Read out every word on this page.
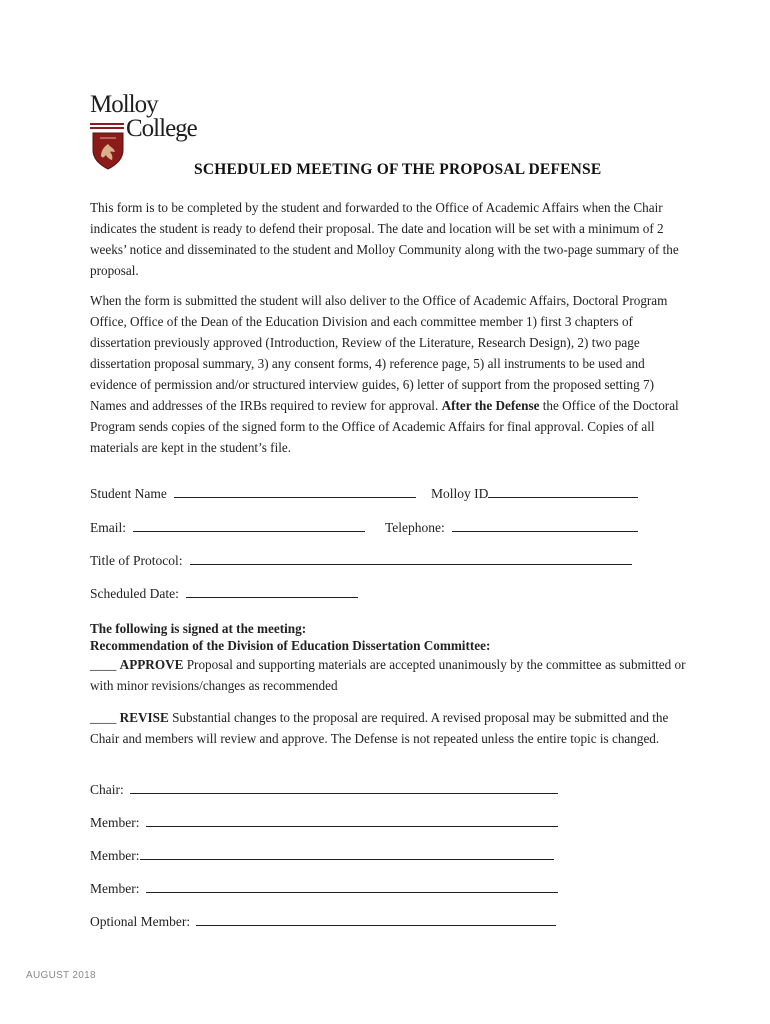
Molloy
College
SCHEDULED MEETING OF THE PROPOSAL DEFENSE

This form is to be completed by the student and forwarded to the Office of Academic Affairs when the Chair indicates the student is ready to defend their proposal. The date and location will be set with a minimum of 2 weeks’ notice and disseminated to the student and Molloy Community along with the two-page summary of the proposal.

When the form is submitted the student will also deliver to the Office of Academic Affairs, Doctoral Program Office, Office of the Dean of the Education Division and each committee member 1) first 3 chapters of dissertation previously approved (Introduction, Review of the Literature, Research Design), 2) two page dissertation proposal summary, 3) any consent forms, 4) reference page, 5) all instruments to be used and evidence of permission and/or structured interview guides, 6) letter of support from the proposed setting 7) Names and addresses of the IRBs required to review for approval. After the Defense the Office of the Doctoral Program sends copies of the signed form to the Office of Academic Affairs for final approval. Copies of all materials are kept in the student’s file.

Student Name	Molloy ID
Email:	Telephone:
Title of Protocol:
Scheduled Date:
The following is signed at the meeting:
Recommendation of the Division of Education Dissertation Committee:

____ APPROVE Proposal and supporting materials are accepted unanimously by the committee as submitted or with minor revisions/changes as recommended

____ REVISE Substantial changes to the proposal are required. A revised proposal may be submitted and the Chair and members will review and approve. The Defense is not repeated unless the entire topic is changed.

Chair:
Member:
Member:
Member:
Optional Member:
AUGUST 2018
